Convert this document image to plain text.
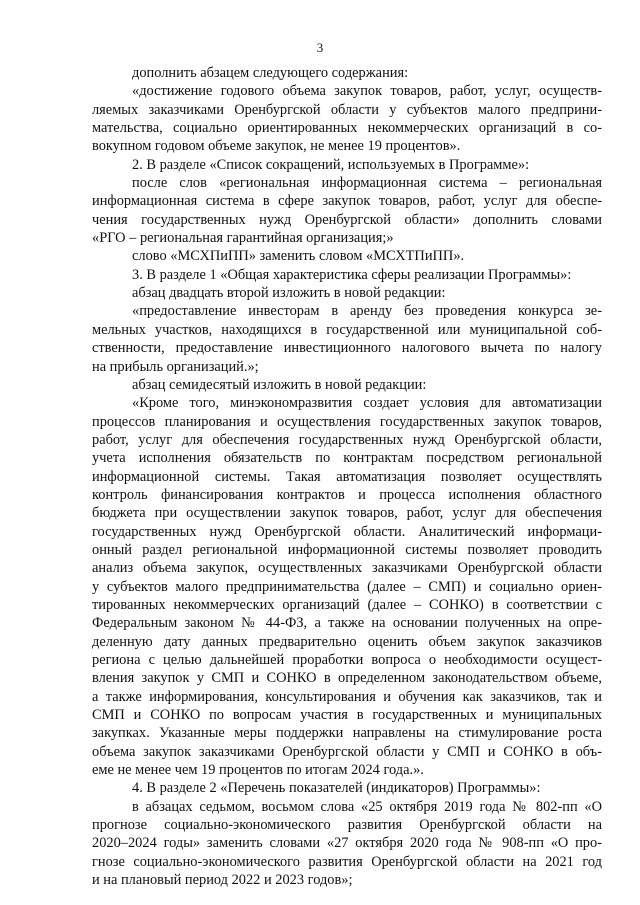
3
дополнить абзацем следующего содержания:
«достижение годового объема закупок товаров, работ, услуг, осуществ-
ляемых заказчиками Оренбургской области у субъектов малого предприни-
мательства, социально ориентированных некоммерческих организаций в со-
вокупном годовом объеме закупок, не менее 19 процентов».
2. В разделе «Список сокращений, используемых в Программе»:
после слов «региональная информационная система – региональная
информационная система в сфере закупок товаров, работ, услуг для обеспе-
чения государственных нужд Оренбургской области» дополнить словами
«РГО – региональная гарантийная организация;»
слово «МСХПиПП» заменить словом «МСХТПиПП».
3. В разделе 1 «Общая характеристика сферы реализации Программы»:
абзац двадцать второй изложить в новой редакции:
«предоставление инвесторам в аренду без проведения конкурса зе-
мельных участков, находящихся в государственной или муниципальной соб-
ственности, предоставление инвестиционного налогового вычета по налогу
на прибыль организаций.»;
абзац семидесятый изложить в новой редакции:
«Кроме того, минэкономразвития создает условия для автоматизации
процессов планирования и осуществления государственных закупок товаров,
работ, услуг для обеспечения государственных нужд Оренбургской области,
учета исполнения обязательств по контрактам посредством региональной
информационной системы. Такая автоматизация позволяет осуществлять
контроль финансирования контрактов и процесса исполнения областного
бюджета при осуществлении закупок товаров, работ, услуг для обеспечения
государственных нужд Оренбургской области. Аналитический информаци-
онный раздел региональной информационной системы позволяет проводить
анализ объема закупок, осуществленных заказчиками Оренбургской области
у субъектов малого предпринимательства (далее – СМП) и социально ориен-
тированных некоммерческих организаций (далее – СОНКО) в соответствии с
Федеральным законом № 44-ФЗ, а также на основании полученных на опре-
деленную дату данных предварительно оценить объем закупок заказчиков
региона с целью дальнейшей проработки вопроса о необходимости осущест-
вления закупок у СМП и СОНКО в определенном законодательством объеме,
а также информирования, консультирования и обучения как заказчиков, так и
СМП и СОНКО по вопросам участия в государственных и муниципальных
закупках. Указанные меры поддержки направлены на стимулирование роста
объема закупок заказчиками Оренбургской области у СМП и СОНКО в объ-
еме не менее чем 19 процентов по итогам 2024 года.».
4. В разделе 2 «Перечень показателей (индикаторов) Программы»:
в абзацах седьмом, восьмом слова «25 октября 2019 года № 802-пп «О
прогнозе социально-экономического развития Оренбургской области на
2020–2024 годы» заменить словами «27 октября 2020 года № 908-пп «О про-
гнозе социально-экономического развития Оренбургской области на 2021 год
и на плановый период 2022 и 2023 годов»;
